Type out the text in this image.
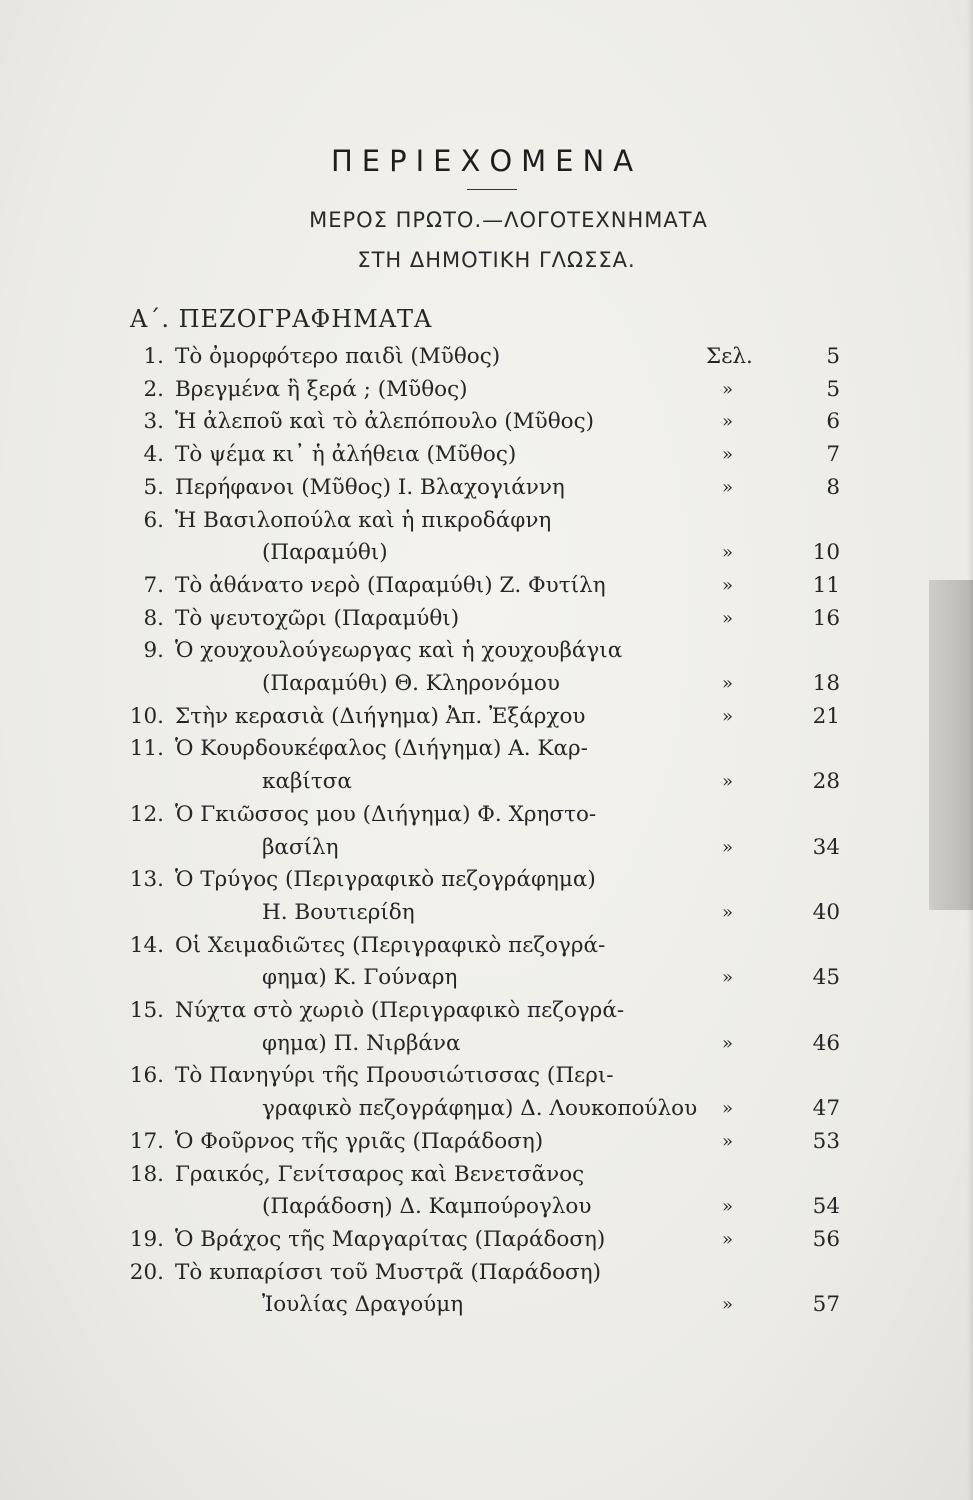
ΠΕΡΙΕΧΟΜΕΝΑ
ΜΕΡΟΣ ΠΡΩΤΟ.—ΛΟΓΟΤΕΧΝΗΜΑΤΑ
ΣΤΗ ΔΗΜΟΤΙΚΗ ΓΛΩΣΣΑ.
Α΄. ΠΕΖΟΓΡΑΦΗΜΑΤΑ
1. Τὸ ὀμορφότερο παιδὶ (Μῦθος)	Σελ.	5
2. Βρεγμένα ἢ ξερά ; (Μῦθος)	»	5
3. Ἡ ἀλεποῦ καὶ τὸ ἀλεπόπουλο (Μῦθος)	»	6
4. Τὸ ψέμα κι᾽ ἡ ἀλήθεια (Μῦθος)	»	7
5. Περήφανοι (Μῦθος) Ι. Βλαχογιάννη	»	8
6. Ἡ Βασιλοπούλα καὶ ἡ πικροδάφνη
(Παραμύθι)	»	10
7. Τὸ ἀθάνατο νερὸ (Παραμύθι) Ζ. Φυτίλη	»	11
8. Τὸ ψευτοχῶρι (Παραμύθι)	»	16
9. Ὁ χουχουλούγεωργας καὶ ἡ χουχουβάγια
(Παραμύθι) Θ. Κληρονόμου	»	18
10. Στὴν κερασιὰ (Διήγημα) Ἀπ. Ἐξάρχου	»	21
11. Ὁ Κουρδουκέφαλος (Διήγημα) Α. Καρ-
καβίτσα	»	28
12. Ὁ Γκιῶσσος μου (Διήγημα) Φ. Χρηστο-
βασίλη	»	34
13. Ὁ Τρύγος (Περιγραφικὸ πεζογράφημα)
Η. Βουτιερίδη	»	40
14. Οἱ Χειμαδιῶτες (Περιγραφικὸ πεζογρά-
φημα) Κ. Γούναρη	»	45
15. Νύχτα στὸ χωριὸ (Περιγραφικὸ πεζογρά-
φημα) Π. Νιρβάνα	»	46
16. Τὸ Πανηγύρι τῆς Προυσιώτισσας (Περι-
γραφικὸ πεζογράφημα) Δ. Λουκοπούλου »	47
17. Ὁ Φοῦρνος τῆς γριᾶς (Παράδοση)	»	53
18. Γραικός, Γενίτσαρος καὶ Βενετσᾶνος
(Παράδοση) Δ. Καμπούρογλου	»	54
19. Ὁ Βράχος τῆς Μαργαρίτας (Παράδοση)	»	56
20. Τὸ κυπαρίσσι τοῦ Μυστρᾶ (Παράδοση)
Ἰουλίας Δραγούμη	»	57
